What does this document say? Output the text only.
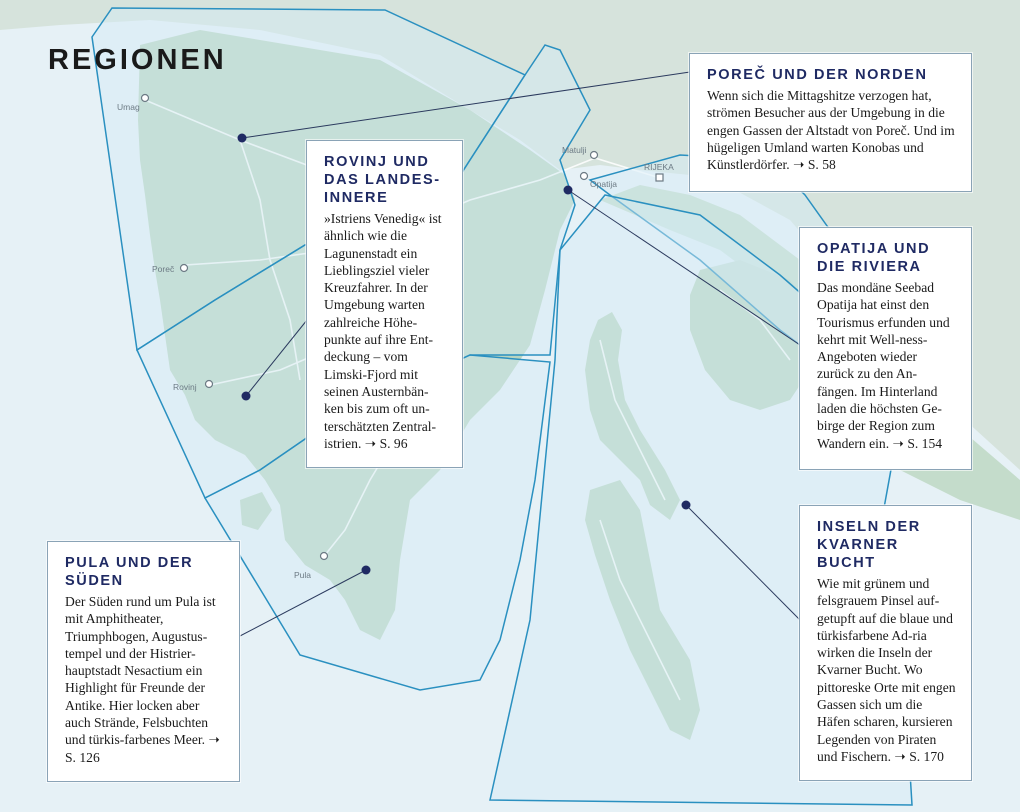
Umag
Poreč
Rovinj
Pula
Matulji
Opatija
RIJEKA
REGIONEN	POREČ UND DER NORDEN

Wenn sich die Mittagshitze verzogen hat, strömen Besucher aus der Umgebung in die engen Gassen der Altstadt von Poreč. Und im hügeligen Umland warten Konobas und Künstlerdörfer. ➝ S. 58

ROVINJ UND DAS LANDES-INNERE

»Istriens Venedig« ist ähnlich wie die Lagunenstadt ein Lieblingsziel vieler Kreuzfahrer. In der Umgebung warten zahlreiche Höhe-punkte auf ihre Ent-deckung – vom Limski-Fjord mit seinen Austernbän-ken bis zum oft un-terschätzten Zentral-istrien. ➝ S. 96

OPATIJA UND DIE RIVIERA

Das mondäne Seebad Opatija hat einst den Tourismus erfunden und kehrt mit Well-ness-Angeboten wieder zurück zu den An-fängen. Im Hinterland laden die höchsten Ge-birge der Region zum Wandern ein. ➝ S. 154

PULA UND DER SÜDEN

Der Süden rund um Pula ist mit Amphitheater, Triumphbogen, Augustus-tempel und der Histrier-hauptstadt Nesactium ein Highlight für Freunde der Antike. Hier locken aber auch Strände, Felsbuchten und türkis-farbenes Meer. ➝ S. 126

INSELN DER KVARNER BUCHT

Wie mit grünem und felsgrauem Pinsel auf-getupft auf die blaue und türkisfarbene Ad-ria wirken die Inseln der Kvarner Bucht. Wo pittoreske Orte mit engen Gassen sich um die Häfen scharen, kursieren Legenden von Piraten und Fischern. ➝ S. 170
